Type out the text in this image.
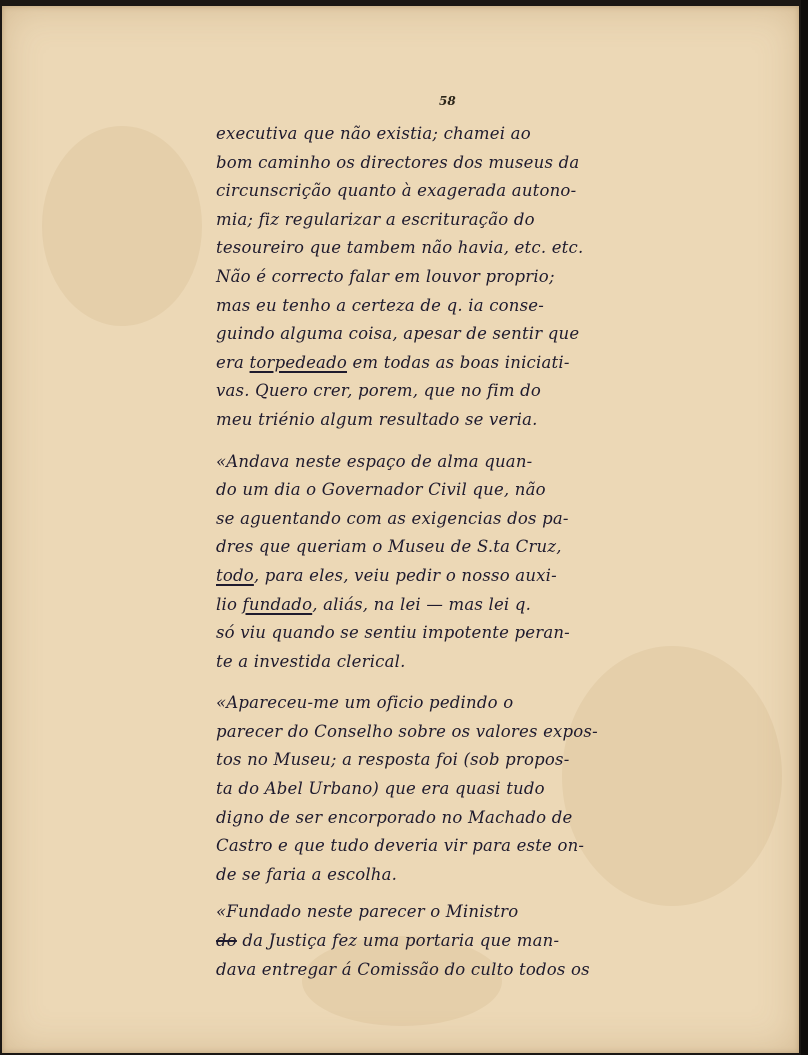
58
executiva que não existia; chamei ao
bom caminho os directores dos museus da
circunscrição quanto à exagerada autono-
mia; fiz regularizar a escrituração do
tesoureiro que tambem não havia, etc. etc.
Não é correcto falar em louvor proprio;
mas eu tenho a certeza de q. ia conse-
guindo alguma coisa, apesar de sentir que
era torpedeado em todas as boas iniciati-
vas. Quero crer, porem, que no fim do
meu triénio algum resultado se veria.
«Andava neste espaço de alma quan-
do um dia o Governador Civil que, não
se aguentando com as exigencias dos pa-
dres que queriam o Museu de S.ta Cruz,
todo, para eles, veiu pedir o nosso auxi-
lio fundado, aliás, na lei — mas lei q.
só viu quando se sentiu impotente peran-
te a investida clerical.
«Apareceu-me um oficio pedindo o
parecer do Conselho sobre os valores expos-
tos no Museu; a resposta foi (sob propos-
ta do Abel Urbano) que era quasi tudo
digno de ser encorporado no Machado de
Castro e que tudo deveria vir para este on-
de se faria a escolha.
«Fundado neste parecer o Ministro
do da Justiça fez uma portaria que man-
dava entregar á Comissão do culto todos os
